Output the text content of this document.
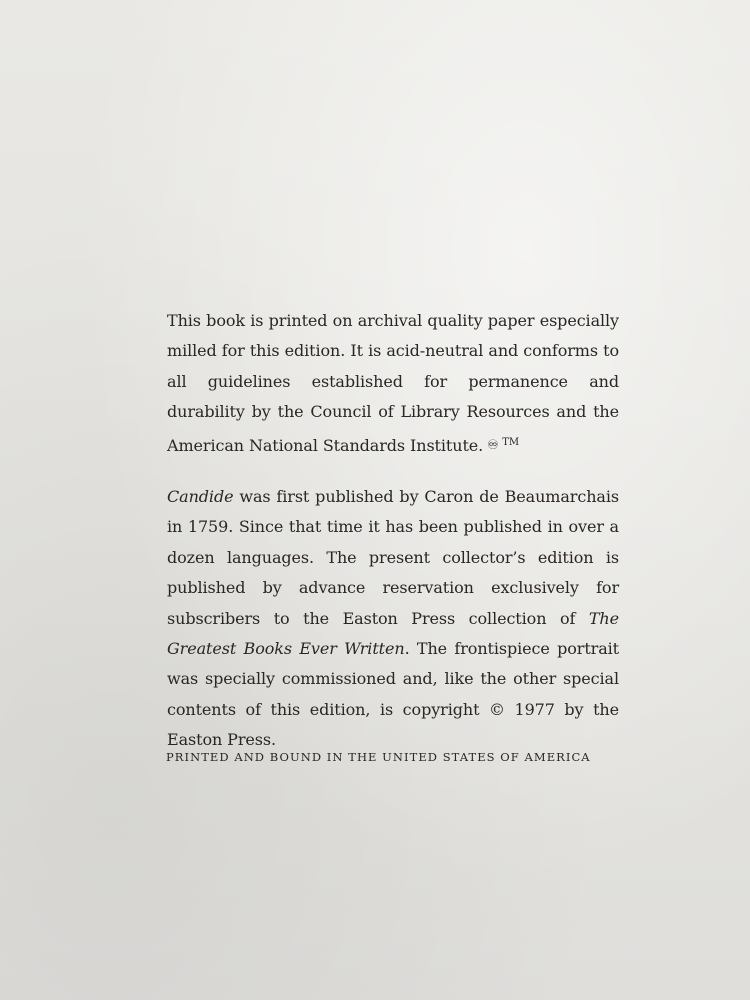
This book is printed on archival quality paper especially milled for this edition. It is acid-neutral and conforms to all guidelines established for permanence and durability by the Council of Library Resources and the American National Standards Institute. ♾ ™

Candide was first published by Caron de Beaumarchais in 1759. Since that time it has been published in over a dozen languages. The present collector’s edition is published by advance reservation exclusively for subscribers to the Easton Press collection of The Greatest Books Ever Written. The frontispiece portrait was specially commissioned and, like the other special contents of this edition, is copyright © 1977 by the Easton Press.

PRINTED AND BOUND IN THE UNITED STATES OF AMERICA
